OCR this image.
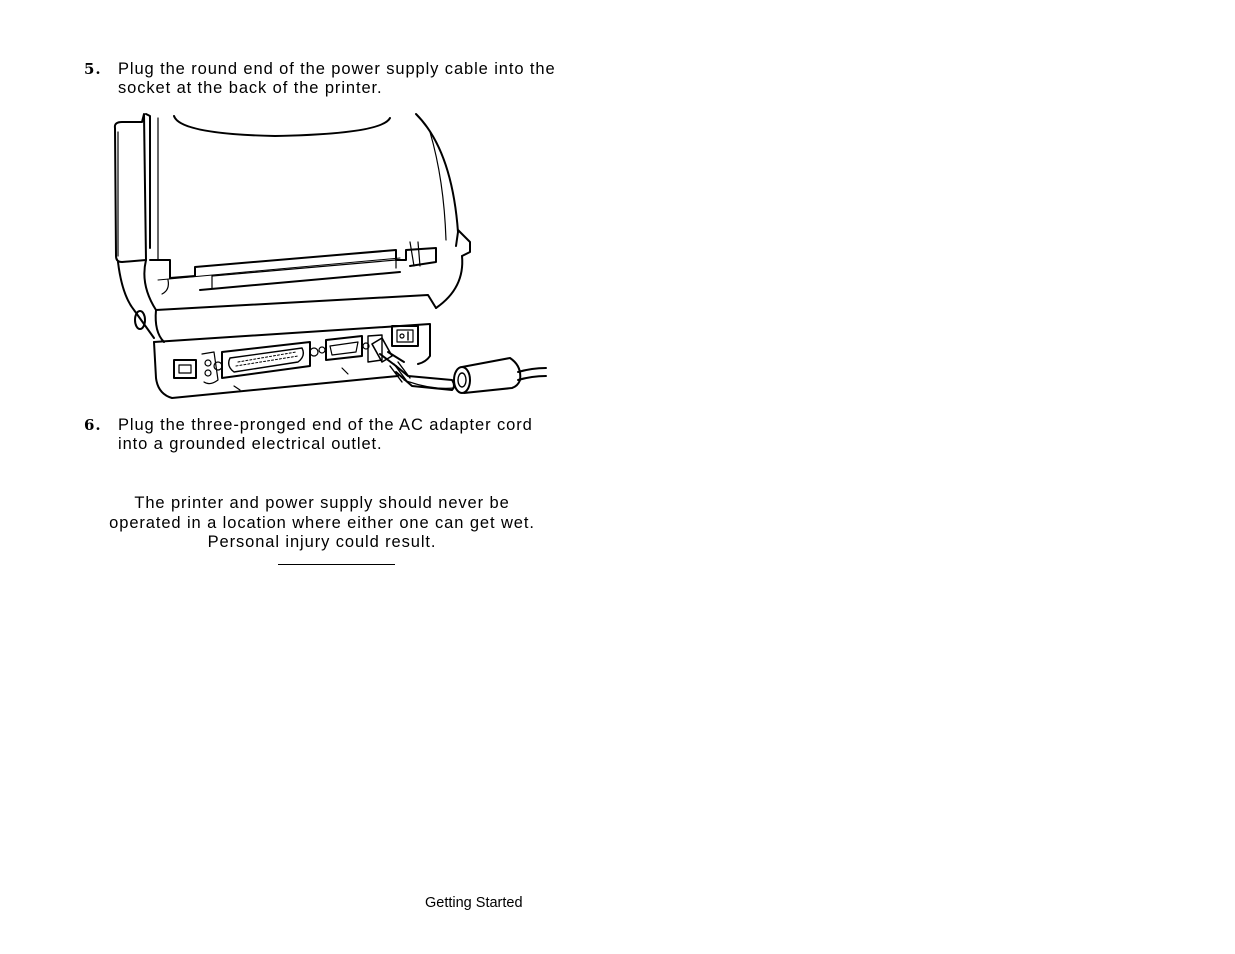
5. Plug the round end of the power supply cable into the socket at the back of the printer.
6. Plug the three-pronged end of the AC adapter cord into a grounded electrical outlet.
The printer and power supply should never be operated in a location where either one can get wet. Personal injury could result.
Getting Started
